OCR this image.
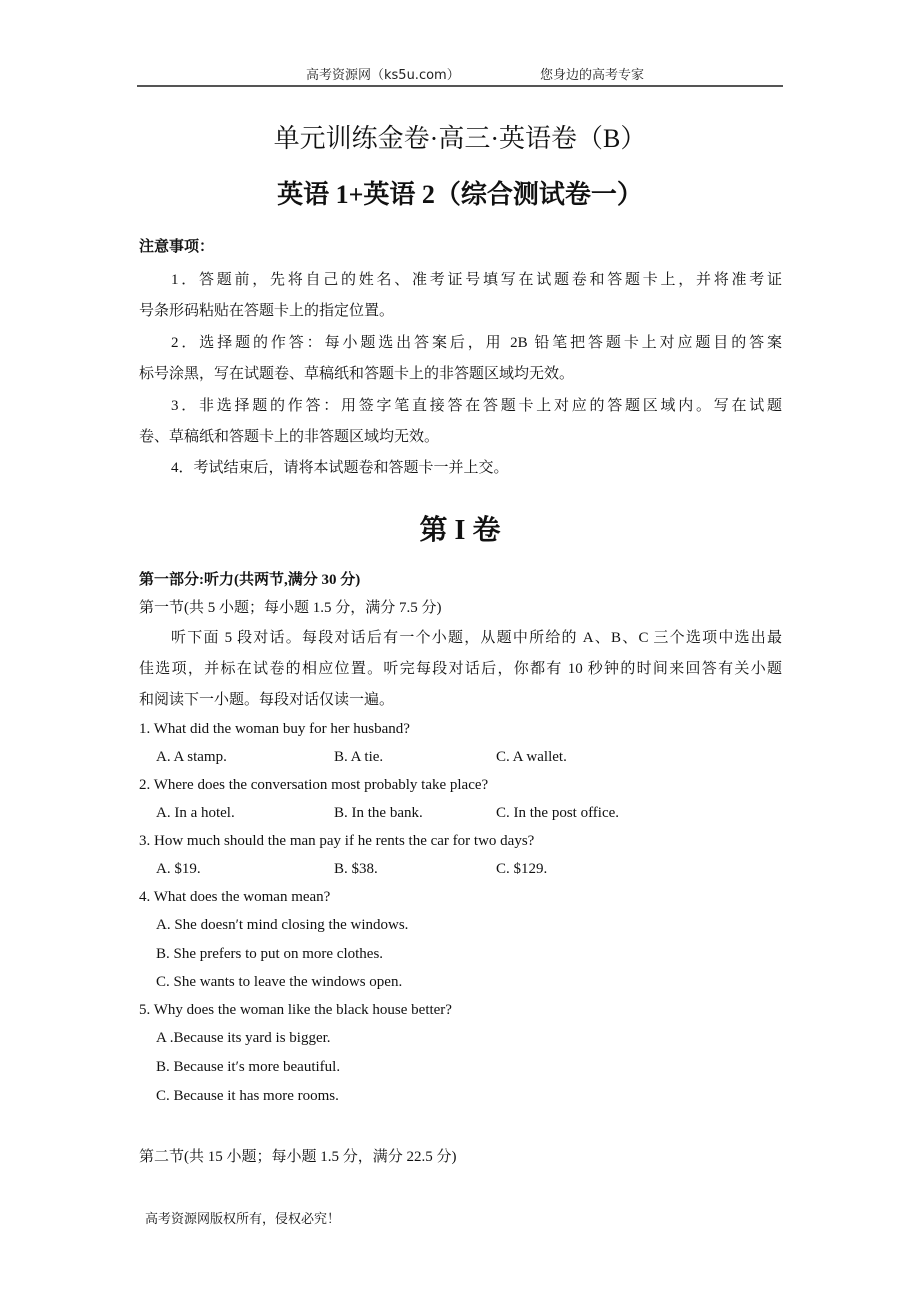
高考资源网（ks5u.com）	您身边的高考专家
单元训练金卷·高三·英语卷（B）
英语 1+英语 2（综合测试卷一）
注意事项：
1．答题前，先将自己的姓名、准考证号填写在试题卷和答题卡上，并将准考证
号条形码粘贴在答题卡上的指定位置。
2．选择题的作答：每小题选出答案后，用 2B 铅笔把答题卡上对应题目的答案
标号涂黑，写在试题卷、草稿纸和答题卡上的非答题区域均无效。
3．非选择题的作答：用签字笔直接答在答题卡上对应的答题区域内。写在试题
卷、草稿纸和答题卡上的非答题区域均无效。
4．考试结束后，请将本试题卷和答题卡一并上交。
第 I 卷
第一部分:听力(共两节,满分 30 分)
第一节(共 5 小题；每小题 1.5 分，满分 7.5 分)
听下面 5 段对话。每段对话后有一个小题，从题中所给的 A、B、C 三个选项中选出最
佳选项，并标在试卷的相应位置。听完每段对话后，你都有 10 秒钟的时间来回答有关小题
和阅读下一小题。每段对话仅读一遍。
1. What did the woman buy for her husband?
A. A stamp.	B. A tie.	C. A wallet.
2. Where does the conversation most probably take place?
A. In a hotel.	B. In the bank.	C. In the post office.
3. How much should the man pay if he rents the car for two days?
A. $19.	B. $38.	C. $129.
4. What does the woman mean?
A. She doesn′t mind closing the windows.
B. She prefers to put on more clothes.
C. She wants to leave the windows open.
5. Why does the woman like the black house better?
A .Because its yard is bigger.
B. Because it′s more beautiful.
C. Because it has more rooms.
第二节(共 15 小题；每小题 1.5 分，满分 22.5 分)
高考资源网版权所有，侵权必究！
